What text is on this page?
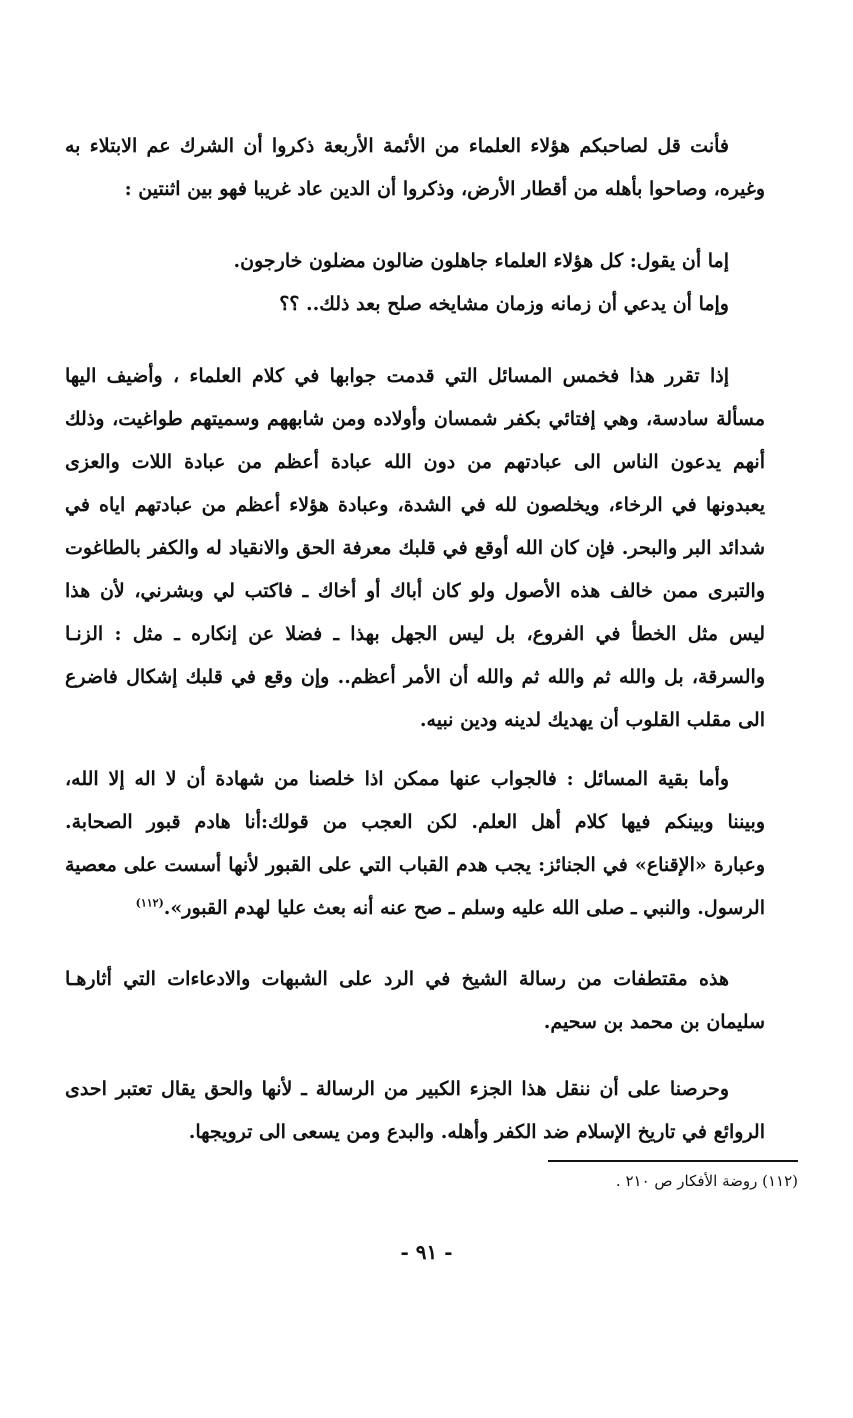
فأنت قل لصاحبكم هؤلاء العلماء من الأئمة الأربعة ذكروا أن الشرك عم الابتلاء به
وغيره، وصاحوا بأهله من أقطار الأرض، وذكروا أن الدين عاد غريبا فهو بين اثنتين :
إما أن يقول: كل هؤلاء العلماء جاهلون ضالون مضلون خارجون.
وإما أن يدعي أن زمانه وزمان مشايخه صلح بعد ذلك.. ؟؟
إذا تقرر هذا فخمس المسائل التي قدمت جوابها في كلام العلماء ، وأضيف اليها
مسألة سادسة، وهي إفتائي بكفر شمسان وأولاده ومن شابههم وسميتهم طواغيت، وذلك
أنهم يدعون الناس الى عبادتهم من دون الله عبادة أعظم من عبادة اللات والعزى
يعبدونها في الرخاء، ويخلصون لله في الشدة، وعبادة هؤلاء أعظم من عبادتهم اياه في
شدائد البر والبحر. فإن كان الله أوقع في قلبك معرفة الحق والانقياد له والكفر بالطاغوت
والتبرى ممن خالف هذه الأصول ولو كان أباك أو أخاك ـ فاكتب لي وبشرني، لأن هذا
ليس مثل الخطأ في الفروع، بل ليس الجهل بهذا ـ فضلا عن إنكاره ـ مثل : الزنـا
والسرقة، بل والله ثم والله ثم والله أن الأمر أعظم.. وإن وقع في قلبك إشكال فاضرع
الى مقلب القلوب أن يهديك لدينه ودين نبيه.
وأما بقية المسائل : فالجواب عنها ممكن اذا خلصنا من شهادة أن لا اله إلا الله،
وبيننا وبينكم فيها كلام أهل العلم. لكن العجب من قولك:أنا هادم قبور الصحابة.
وعبارة «الإقناع» في الجنائز: يجب هدم القباب التي على القبور لأنها أسست على معصية
الرسول. والنبي ـ صلى الله عليه وسلم ـ صح عنه أنه بعث عليا لهدم القبور».$^{(١١٢)}$
هذه مقتطفات من رسالة الشيخ في الرد على الشبهات والادعاءات التي أثارهـا
سليمان بن محمد بن سحيم.
وحرصنا على أن ننقل هذا الجزء الكبير من الرسالة ـ لأنها والحق يقال تعتبر احدى
الروائع في تاريخ الإسلام ضد الكفر وأهله. والبدع ومن يسعى الى ترويجها.
(١١٢) روضة الأفكار ص ٢١٠ .
- ٩١ -
